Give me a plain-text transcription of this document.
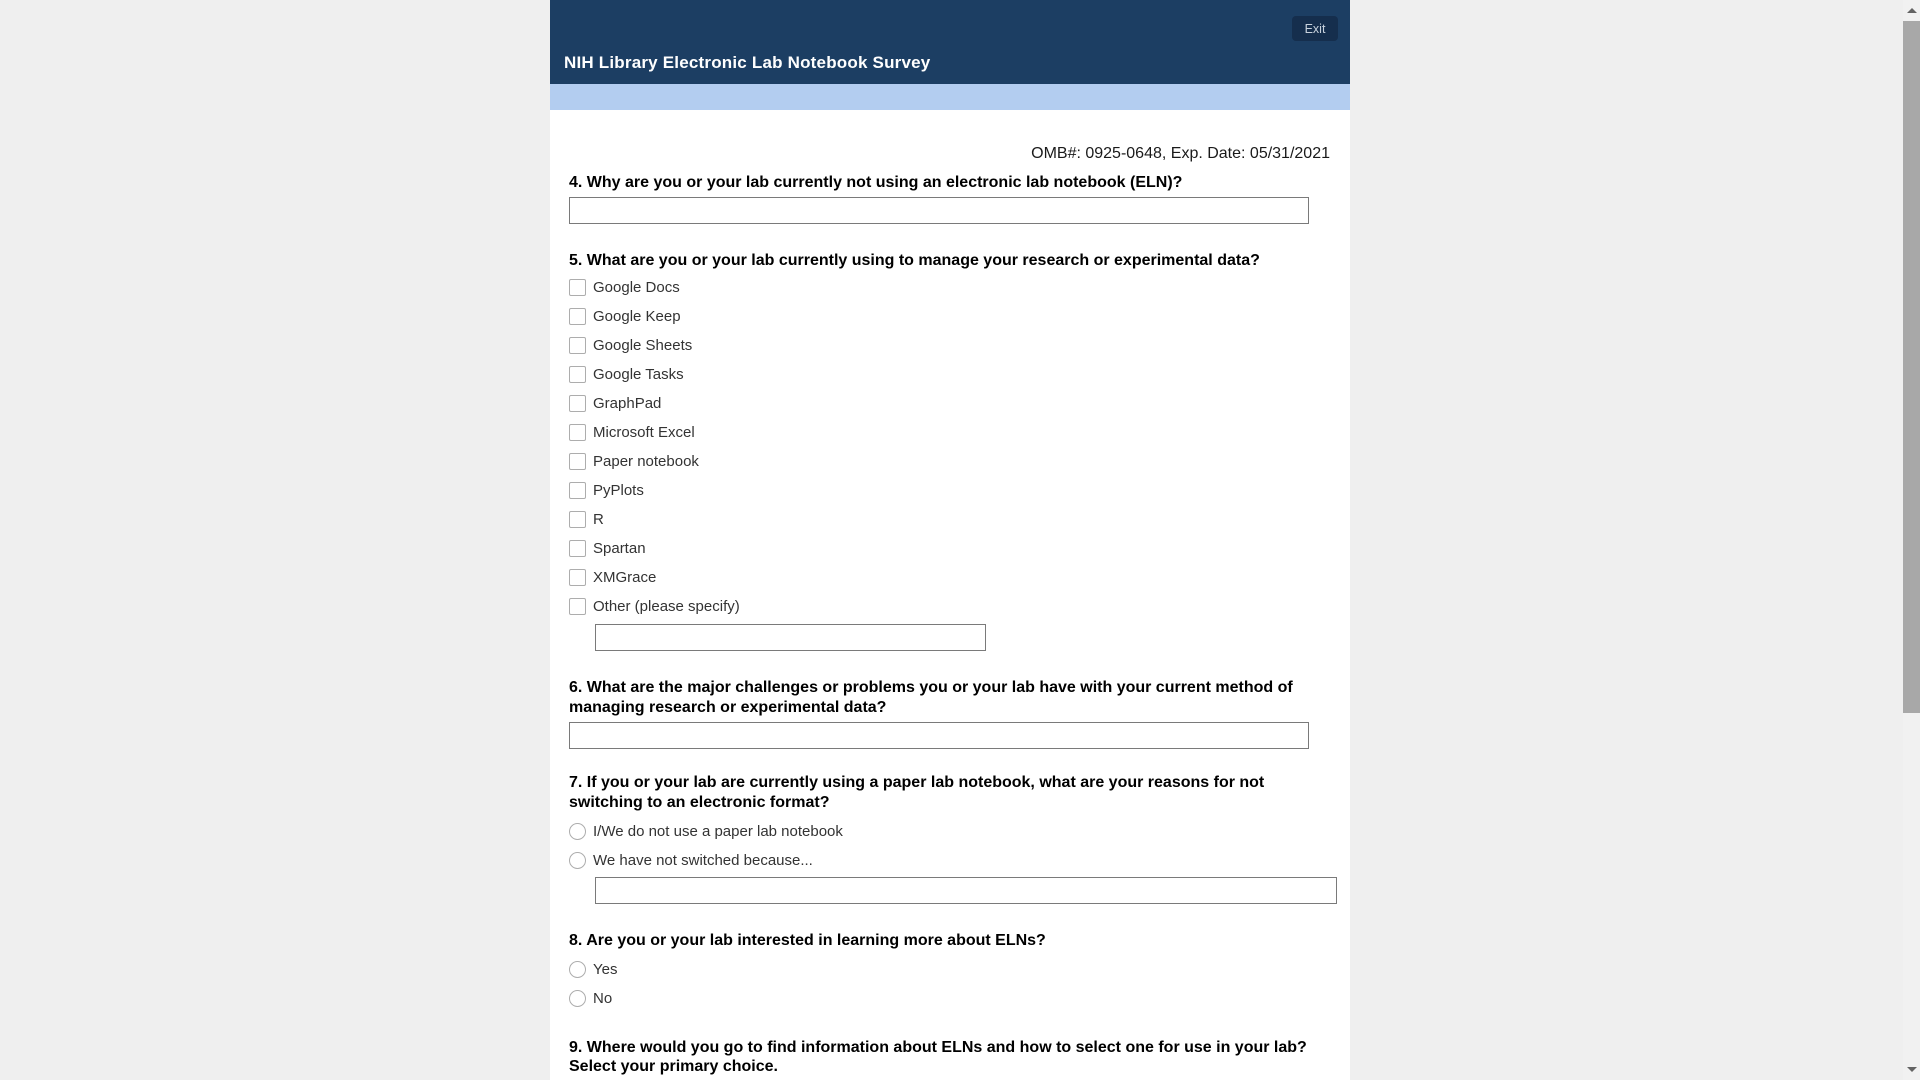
Exit
NIH Library Electronic Lab Notebook Survey
OMB#: 0925-0648, Exp. Date: 05/31/2021
4. Why are you or your lab currently not using an electronic lab notebook (ELN)?
5. What are you or your lab currently using to manage your research or experimental data?
Google Docs
Google Keep
Google Sheets
Google Tasks
GraphPad
Microsoft Excel
Paper notebook
PyPlots
R
Spartan
XMGrace
Other (please specify)
6. What are the major challenges or problems you or your lab have with your current method of managing research or experimental data?
7. If you or your lab are currently using a paper lab notebook, what are your reasons for not switching to an electronic format?
I/We do not use a paper lab notebook
We have not switched because...
8. Are you or your lab interested in learning more about ELNs?
Yes
No
9. Where would you go to find information about ELNs and how to select one for use in your lab? Select your primary choice.
